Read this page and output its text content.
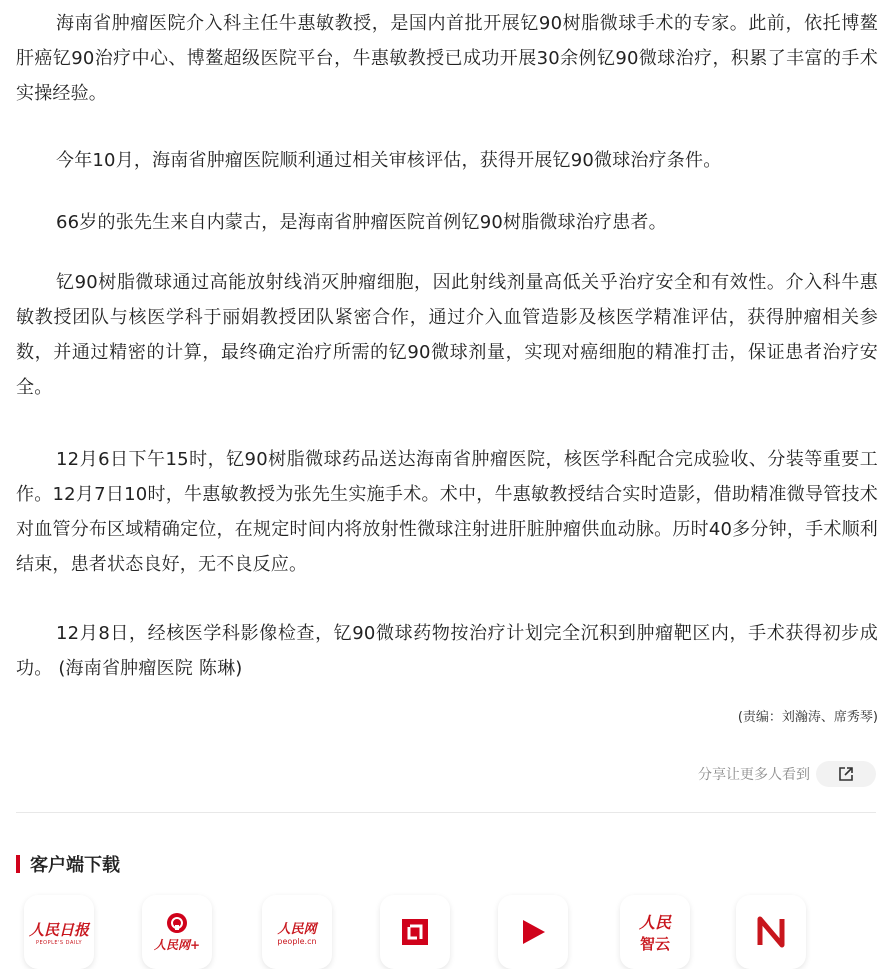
海南省肿瘤医院介入科主任牛惠敏教授，是国内首批开展钇90树脂微球手术的专家。此前，依托博鳌肝癌钇90治疗中心、博鳌超级医院平台，牛惠敏教授已成功开展30余例钇90微球治疗，积累了丰富的手术实操经验。

今年10月，海南省肿瘤医院顺利通过相关审核评估，获得开展钇90微球治疗条件。

66岁的张先生来自内蒙古，是海南省肿瘤医院首例钇90树脂微球治疗患者。

钇90树脂微球通过高能放射线消灭肿瘤细胞，因此射线剂量高低关乎治疗安全和有效性。介入科牛惠敏教授团队与核医学科于丽娟教授团队紧密合作，通过介入血管造影及核医学精准评估，获得肿瘤相关参数，并通过精密的计算，最终确定治疗所需的钇90微球剂量，实现对癌细胞的精准打击，保证患者治疗安全。

12月6日下午15时，钇90树脂微球药品送达海南省肿瘤医院，核医学科配合完成验收、分装等重要工作。12月7日10时，牛惠敏教授为张先生实施手术。术中，牛惠敏教授结合实时造影，借助精准微导管技术对血管分布区域精确定位，在规定时间内将放射性微球注射进肝脏肿瘤供血动脉。历时40多分钟，手术顺利结束，患者状态良好，无不良反应。

12月8日，经核医学科影像检查，钇90微球药物按治疗计划完全沉积到肿瘤靶区内，手术获得初步成功。 (海南省肿瘤医院 陈琳)

(责编：刘瀚涛、席秀琴)
分享让更多人看到
客户端下载
人民日报
PEOPLE'S DAILY	人民网+
人民网
people.cn
人民
智云
